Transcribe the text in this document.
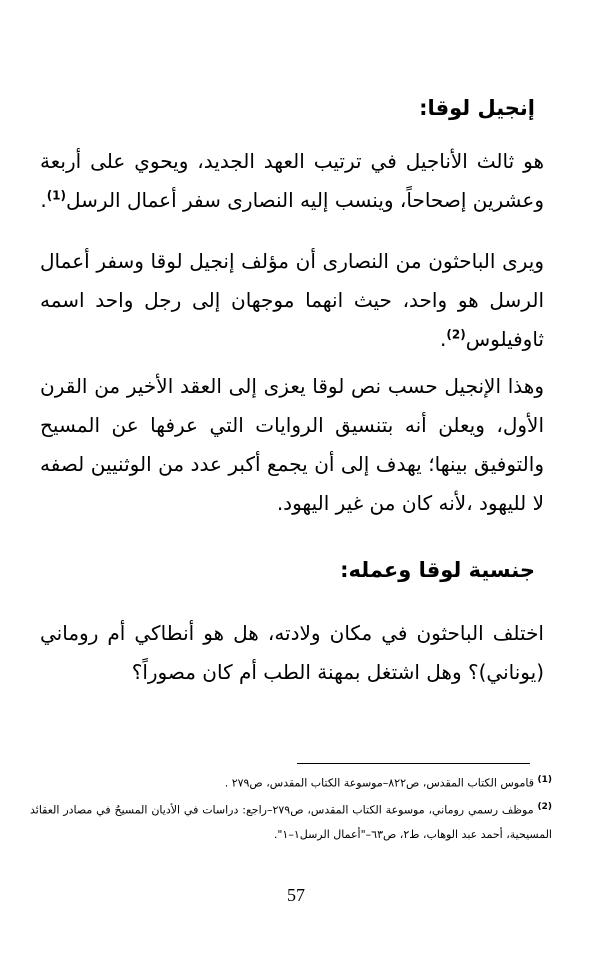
إنجيل لوقا:
هو ثالث الأناجيل في ترتيب العهد الجديد، ويحوي على أربعة وعشرين إصحاحاً، وينسب إليه النصارى سفر أعمال الرسل$^{(1)}$.
ويرى الباحثون من النصارى أن مؤلف إنجيل لوقا وسفر أعمال الرسل هو واحد، حيث انهما موجهان إلى رجل واحد اسمه ثاوفيلوس$^{(2)}$.
وهذا الإنجيل حسب نص لوقا يعزى إلى العقد الأخير من القرن الأول، ويعلن أنه بتنسيق الروايات التي عرفها عن المسيح والتوفيق بينها؛ يهدف إلى أن يجمع أكبر عدد من الوثنيين لصفه لا لليهود ،لأنه كان من غير اليهود.
جنسية لوقا وعمله:
اختلف الباحثون في مكان ولادته، هل هو أنطاكي أم روماني (يوناني)؟ وهل اشتغل بمهنة الطب أم كان مصوراً؟
$^{(1)}$ قاموس الكتاب المقدس، ص٨٢٢–موسوعة الكتاب المقدس، ص٢٧٩ .
$^{(2)}$ موظف رسمي روماني، موسوعة الكتاب المقدس، ص٢٧٩–راجع: دراسات في الأديان المسيحُ في مصادر العقائد المسيحية، أحمد عبد الوهاب، ط٢، ص٦٣–"أعمال الرسل١–١".
57
